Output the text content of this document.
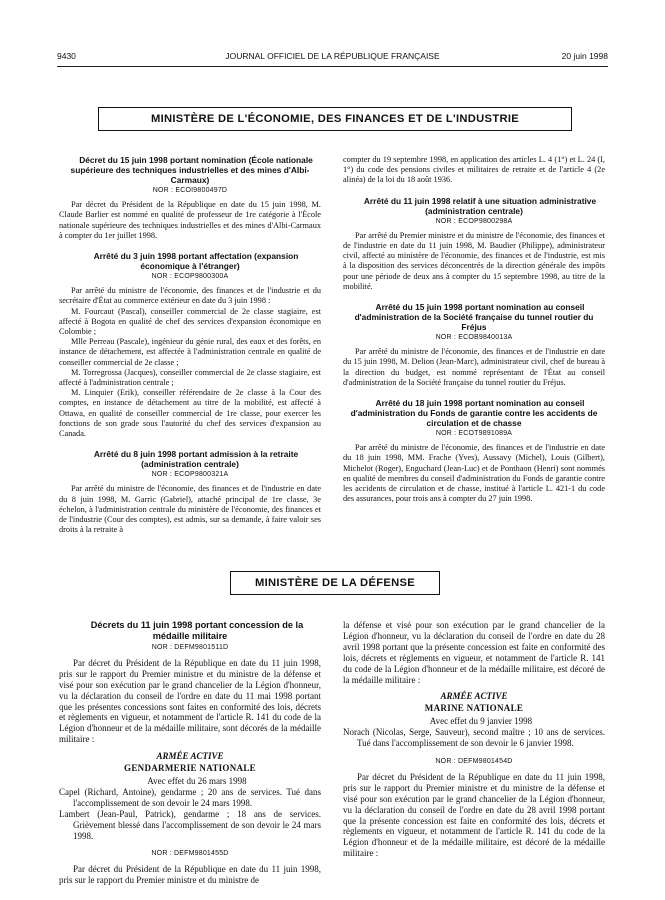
9430	JOURNAL OFFICIEL DE LA RÉPUBLIQUE FRANÇAISE	20 juin 1998
MINISTÈRE DE L'ÉCONOMIE, DES FINANCES ET DE L'INDUSTRIE

Décret du 15 juin 1998 portant nomination (École nationale supérieure des techniques industrielles et des mines d'Albi-Carmaux)

NOR : ECOI9800497D

Par décret du Président de la République en date du 15 juin 1998, M. Claude Barlier est nommé en qualité de professeur de 1re catégorie à l'École nationale supérieure des techniques industrielles et des mines d'Albi-Carmaux à compter du 1er juillet 1998.

Arrêté du 3 juin 1998 portant affectation (expansion économique à l'étranger)

NOR : ECOP9800300A

Par arrêté du ministre de l'économie, des finances et de l'industrie et du secrétaire d'État au commerce extérieur en date du 3 juin 1998 :

M. Fourcaut (Pascal), conseiller commercial de 2e classe stagiaire, est affecté à Bogota en qualité de chef des services d'expansion économique en Colombie ;

Mlle Perreau (Pascale), ingénieur du génie rural, des eaux et des forêts, en instance de détachement, est affectée à l'administration centrale en qualité de conseiller commercial de 2e classe ;

M. Torregrossa (Jacques), conseiller commercial de 2e classe stagiaire, est affecté à l'administration centrale ;

M. Linquier (Erik), conseiller référendaire de 2e classe à la Cour des comptes, en instance de détachement au titre de la mobilité, est affecté à Ottawa, en qualité de conseiller commercial de 1re classe, pour exercer les fonctions de son grade sous l'autorité du chef des services d'expansion au Canada.

Arrêté du 8 juin 1998 portant admission à la retraite (administration centrale)

NOR : ECOP9800321A

Par arrêté du ministre de l'économie, des finances et de l'industrie en date du 8 juin 1998, M. Garric (Gabriel), attaché principal de 1re classe, 3e échelon, à l'administration centrale du ministère de l'économie, des finances et de l'industrie (Cour des comptes), est admis, sur sa demande, à faire valoir ses droits à la retraite à

compter du 19 septembre 1998, en application des articles L. 4 (1°) et L. 24 (I, 1°) du code des pensions civiles et militaires de retraite et de l'article 4 (2e alinéa) de la loi du 18 août 1936.

Arrêté du 11 juin 1998 relatif à une situation administrative (administration centrale)

NOR : ECOP9800298A

Par arrêté du Premier ministre et du ministre de l'économie, des finances et de l'industrie en date du 11 juin 1998, M. Baudier (Philippe), administrateur civil, affecté au ministère de l'économie, des finances et de l'industrie, est mis à la disposition des services déconcentrés de la direction générale des impôts pour une période de deux ans à compter du 15 septembre 1998, au titre de la mobilité.

Arrêté du 15 juin 1998 portant nomination au conseil d'administration de la Société française du tunnel routier du Fréjus

NOR : ECOB9840013A

Par arrêté du ministre de l'économie, des finances et de l'industrie en date du 15 juin 1998, M. Delion (Jean-Marc), administrateur civil, chef de bureau à la direction du budget, est nommé représentant de l'État au conseil d'administration de la Société française du tunnel routier du Fréjus.

Arrêté du 18 juin 1998 portant nomination au conseil d'administration du Fonds de garantie contre les accidents de circulation et de chasse

NOR : ECOT9891089A

Par arrêté du ministre de l'économie, des finances et de l'industrie en date du 18 juin 1998, MM. Frache (Yves), Aussavy (Michel), Louis (Gilbert), Michelot (Roger), Enguchard (Jean-Luc) et de Ponthaon (Henri) sont nommés en qualité de membres du conseil d'administration du Fonds de garantie contre les accidents de circulation et de chasse, institué à l'article L. 421-1 du code des assurances, pour trois ans à compter du 27 juin 1998.

MINISTÈRE DE LA DÉFENSE

Décrets du 11 juin 1998 portant concession de la médaille militaire

NOR : DEFM9801511D

Par décret du Président de la République en date du 11 juin 1998, pris sur le rapport du Premier ministre et du ministre de la défense et visé pour son exécution par le grand chancelier de la Légion d'honneur, vu la déclaration du conseil de l'ordre en date du 11 mai 1998 portant que les présentes concessions sont faites en conformité des lois, décrets et règlements en vigueur, et notamment de l'article R. 141 du code de la Légion d'honneur et de la médaille militaire, sont décorés de la médaille militaire :

ARMÉE ACTIVE
GENDARMERIE NATIONALE

Avec effet du 26 mars 1998

Capel (Richard, Antoine), gendarme ; 20 ans de services. Tué dans l'accomplissement de son devoir le 24 mars 1998.

Lambert (Jean-Paul, Patrick), gendarme ; 18 ans de services. Grièvement blessé dans l'accomplissement de son devoir le 24 mars 1998.

NOR : DEFM9801455D

Par décret du Président de la République en date du 11 juin 1998, pris sur le rapport du Premier ministre et du ministre de

la défense et visé pour son exécution par le grand chancelier de la Légion d'honneur, vu la déclaration du conseil de l'ordre en date du 28 avril 1998 portant que la présente concession est faite en conformité des lois, décrets et règlements en vigueur, et notamment de l'article R. 141 du code de la Légion d'honneur et de la médaille militaire, est décoré de la médaille militaire :

ARMÉE ACTIVE
MARINE NATIONALE

Avec effet du 9 janvier 1998

Norach (Nicolas, Serge, Sauveur), second maître ; 10 ans de services. Tué dans l'accomplissement de son devoir le 6 janvier 1998.

NOR : DEFM9801454D

Par décret du Président de la République en date du 11 juin 1998, pris sur le rapport du Premier ministre et du ministre de la défense et visé pour son exécution par le grand chancelier de la Légion d'honneur, vu la déclaration du conseil de l'ordre en date du 28 avril 1998 portant que la présente concession est faite en conformité des lois, décrets et règlements en vigueur, et notamment de l'article R. 141 du code de la Légion d'honneur et de la médaille militaire, est décoré de la médaille militaire :
